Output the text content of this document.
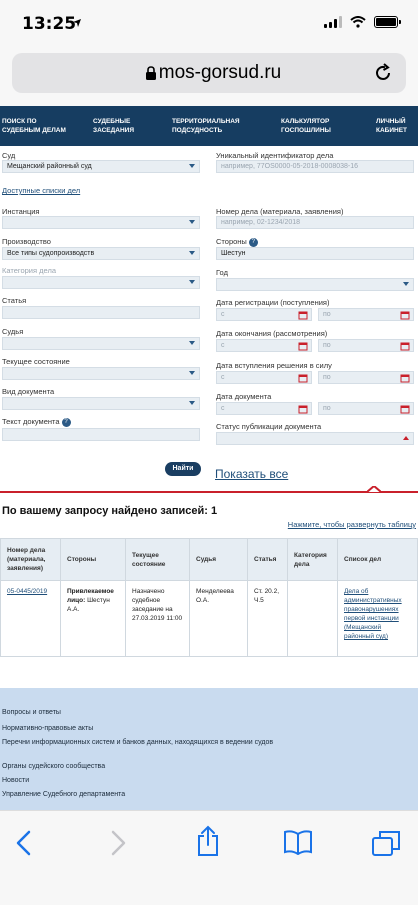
13:25
mos-gorsud.ru
ПОИСК ПО СУДЕБНЫМ ДЕЛАМ
СУДЕБНЫЕ ЗАСЕДАНИЯ
ТЕРРИТОРИАЛЬНАЯ ПОДСУДНОСТЬ
КАЛЬКУЛЯТОР ГОСПОШЛИНЫ
ЛИЧНЫЙ КАБИНЕТ
Суд
Мещанский районный суд
Доступные списки дел
Инстанция
Производство
Все типы судопроизводств
Категория дела
Статья
Судья
Текущее состояние
Вид документа
Текст документа ?
Уникальный идентификатор дела
например, 77OS0000-05-2018-0008038-16
Номер дела (материала, заявления)
например, 02-1234/2018
Стороны ?
Шестун
Год
Дата регистрации (поступления)
с	по
Дата окончания (рассмотрения)
с	по
Дата вступления решения в силу
с	по
Дата документа
с	по
Статус публикации документа
Найти	Показать все
По вашему запросу найдено записей: 1
Нажмите, чтобы развернуть таблицу
Номер дела (материала, заявления)	Стороны	Текущее состояние	Судья	Статья	Категория дела	Список дел
05-0445/2019	Привлекаемое лицо: Шестун А.А.	Назначено судебное заседание на 27.03.2019 11:00	Менделеева О.А.	Ст. 20.2, Ч.5		Дела об административных правонарушениях первой инстанции (Мещанский районный суд)
Вопросы и ответы
Нормативно-правовые акты
Перечни информационных систем и банков данных, находящихся в ведении судов
Органы судейского сообщества
Новости
Управление Судебного департамента
